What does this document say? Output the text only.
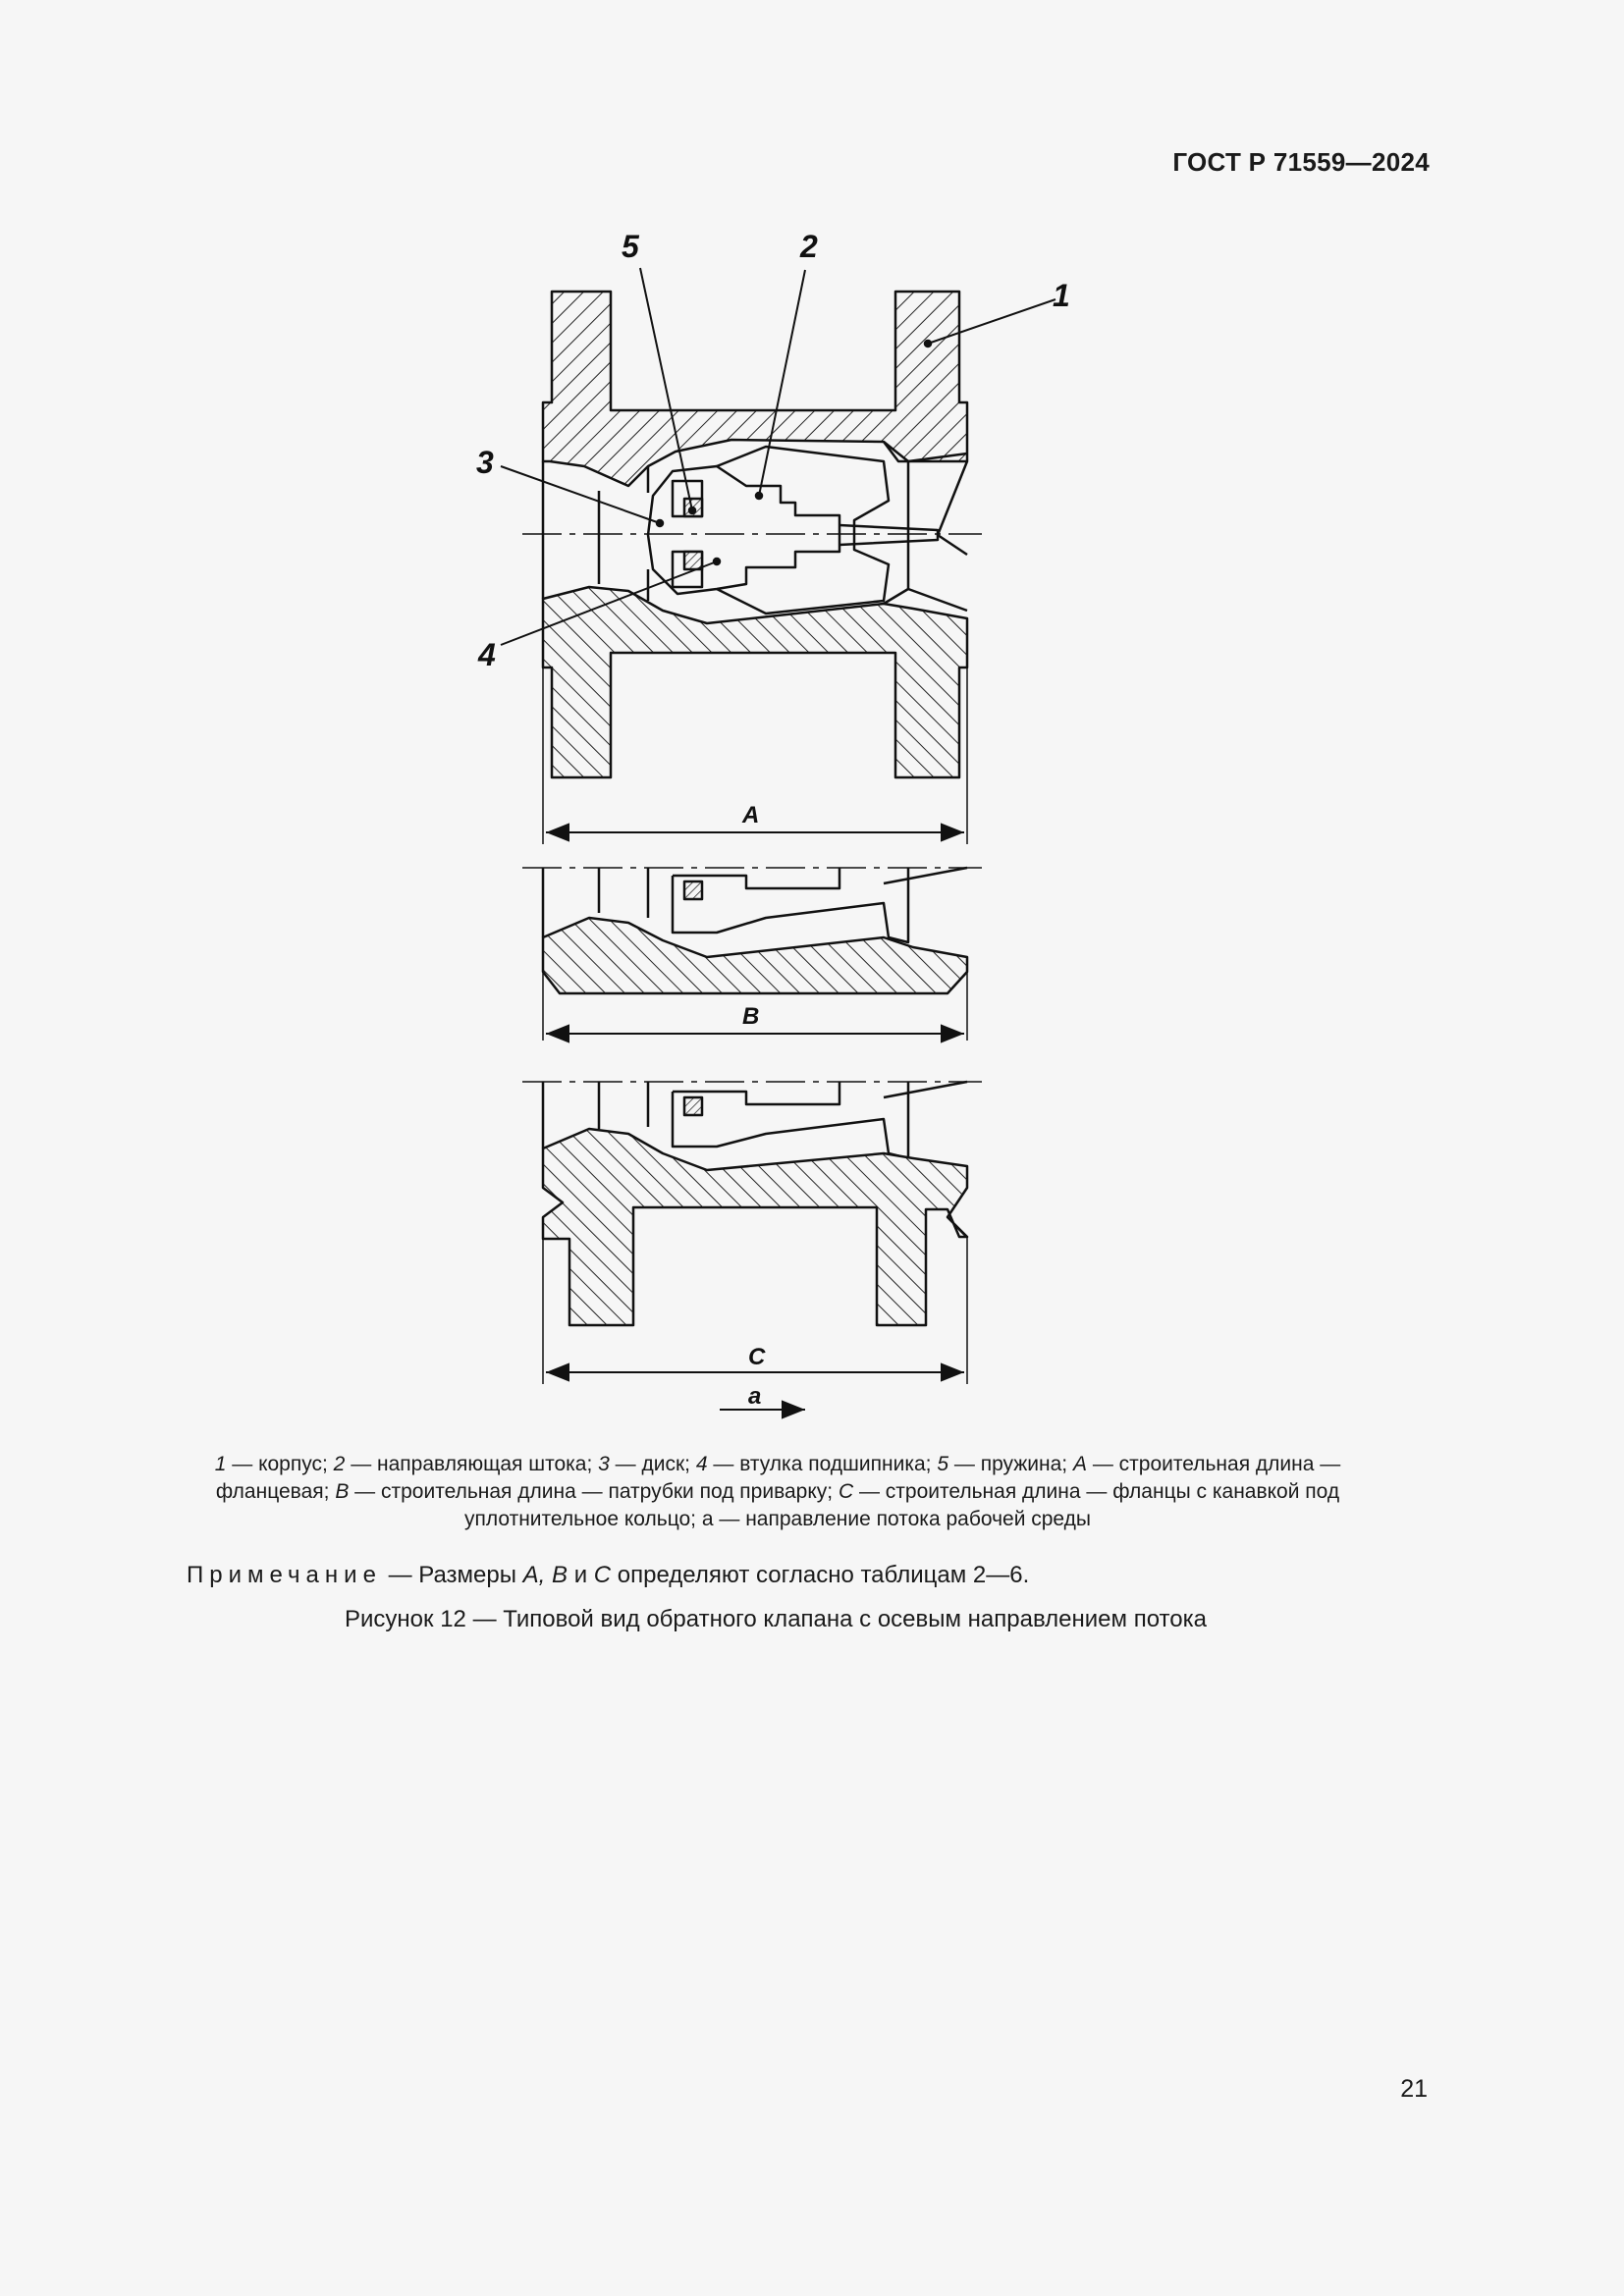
ГОСТ Р 71559—2024
1
2
3
4
5
A
B
C
a
1 — корпус; 2 — направляющая штока; 3 — диск; 4 — втулка подшипника; 5 — пружина; A — строительная длина — фланцевая; B — строительная длина — патрубки под приварку; C — строительная длина — фланцы с канавкой под уплотнительное кольцо; а — направление потока рабочей среды
Примечание — Размеры A, B и C определяют согласно таблицам 2—6.
Рисунок 12 — Типовой вид обратного клапана с осевым направлением потока
21
